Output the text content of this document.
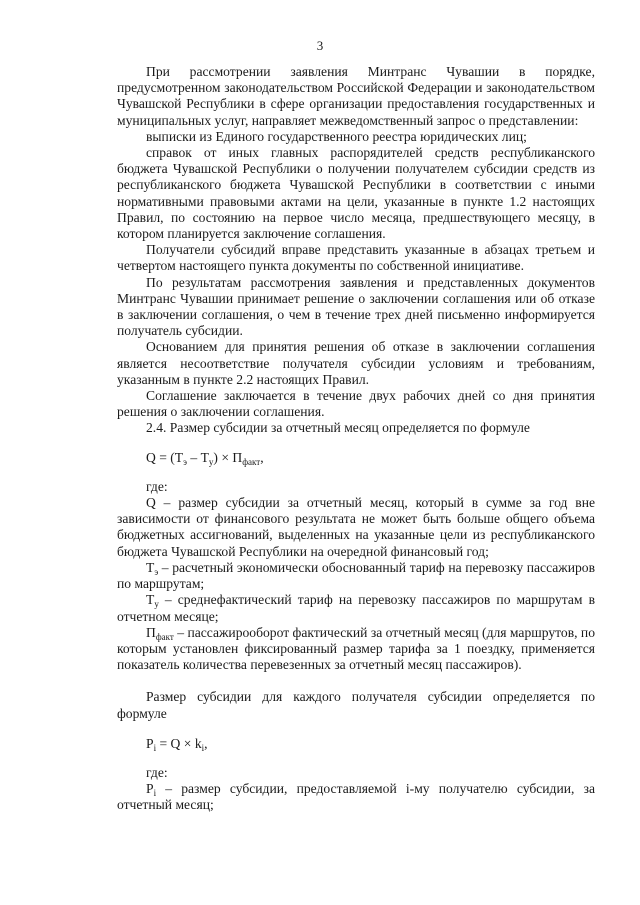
3

При рассмотрении заявления Минтранс Чувашии в порядке, предусмотренном законодательством Российской Федерации и законодательством Чувашской Республики в сфере организации предоставления государственных и муниципальных услуг, направляет межведомственный запрос о представлении:

выписки из Единого государственного реестра юридических лиц;

справок от иных главных распорядителей средств республиканского бюджета Чувашской Республики о получении получателем субсидии средств из республиканского бюджета Чувашской Республики в соответствии с иными нормативными правовыми актами на цели, указанные в пункте 1.2 настоящих Правил, по состоянию на первое число месяца, предшествующего месяцу, в котором планируется заключение соглашения.

Получатели субсидий вправе представить указанные в абзацах третьем и четвертом настоящего пункта документы по собственной инициативе.

По результатам рассмотрения заявления и представленных документов Минтранс Чувашии принимает решение о заключении соглашения или об отказе в заключении соглашения, о чем в течение трех дней письменно информируется получатель субсидии.

Основанием для принятия решения об отказе в заключении соглашения является несоответствие получателя субсидии условиям и требованиям, указанным в пункте 2.2 настоящих Правил.

Соглашение заключается в течение двух рабочих дней со дня принятия решения о заключении соглашения.

2.4. Размер субсидии за отчетный месяц определяется по формуле

$Q = (Т_э - Т_у) \times П_{факт}$,

где:

Q – размер субсидии за отчетный месяц, который в сумме за год вне зависимости от финансового результата не может быть больше общего объема бюджетных ассигнований, выделенных на указанные цели из республиканского бюджета Чувашской Республики на очередной финансовый год;

$Т_э$ – расчетный экономически обоснованный тариф на перевозку пассажиров по маршрутам;

$Т_у$ – среднефактический тариф на перевозку пассажиров по маршрутам в отчетном месяце;

$П_{факт}$ – пассажирооборот фактический за отчетный месяц (для маршрутов, по которым установлен фиксированный размер тарифа за 1 поездку, применяется показатель количества перевезенных за отчетный месяц пассажиров).

Размер субсидии для каждого получателя субсидии определяется по формуле

$P_i = Q \times k_i$,

где:

$P_i$ – размер субсидии, предоставляемой i-му получателю субсидии, за отчетный месяц;
